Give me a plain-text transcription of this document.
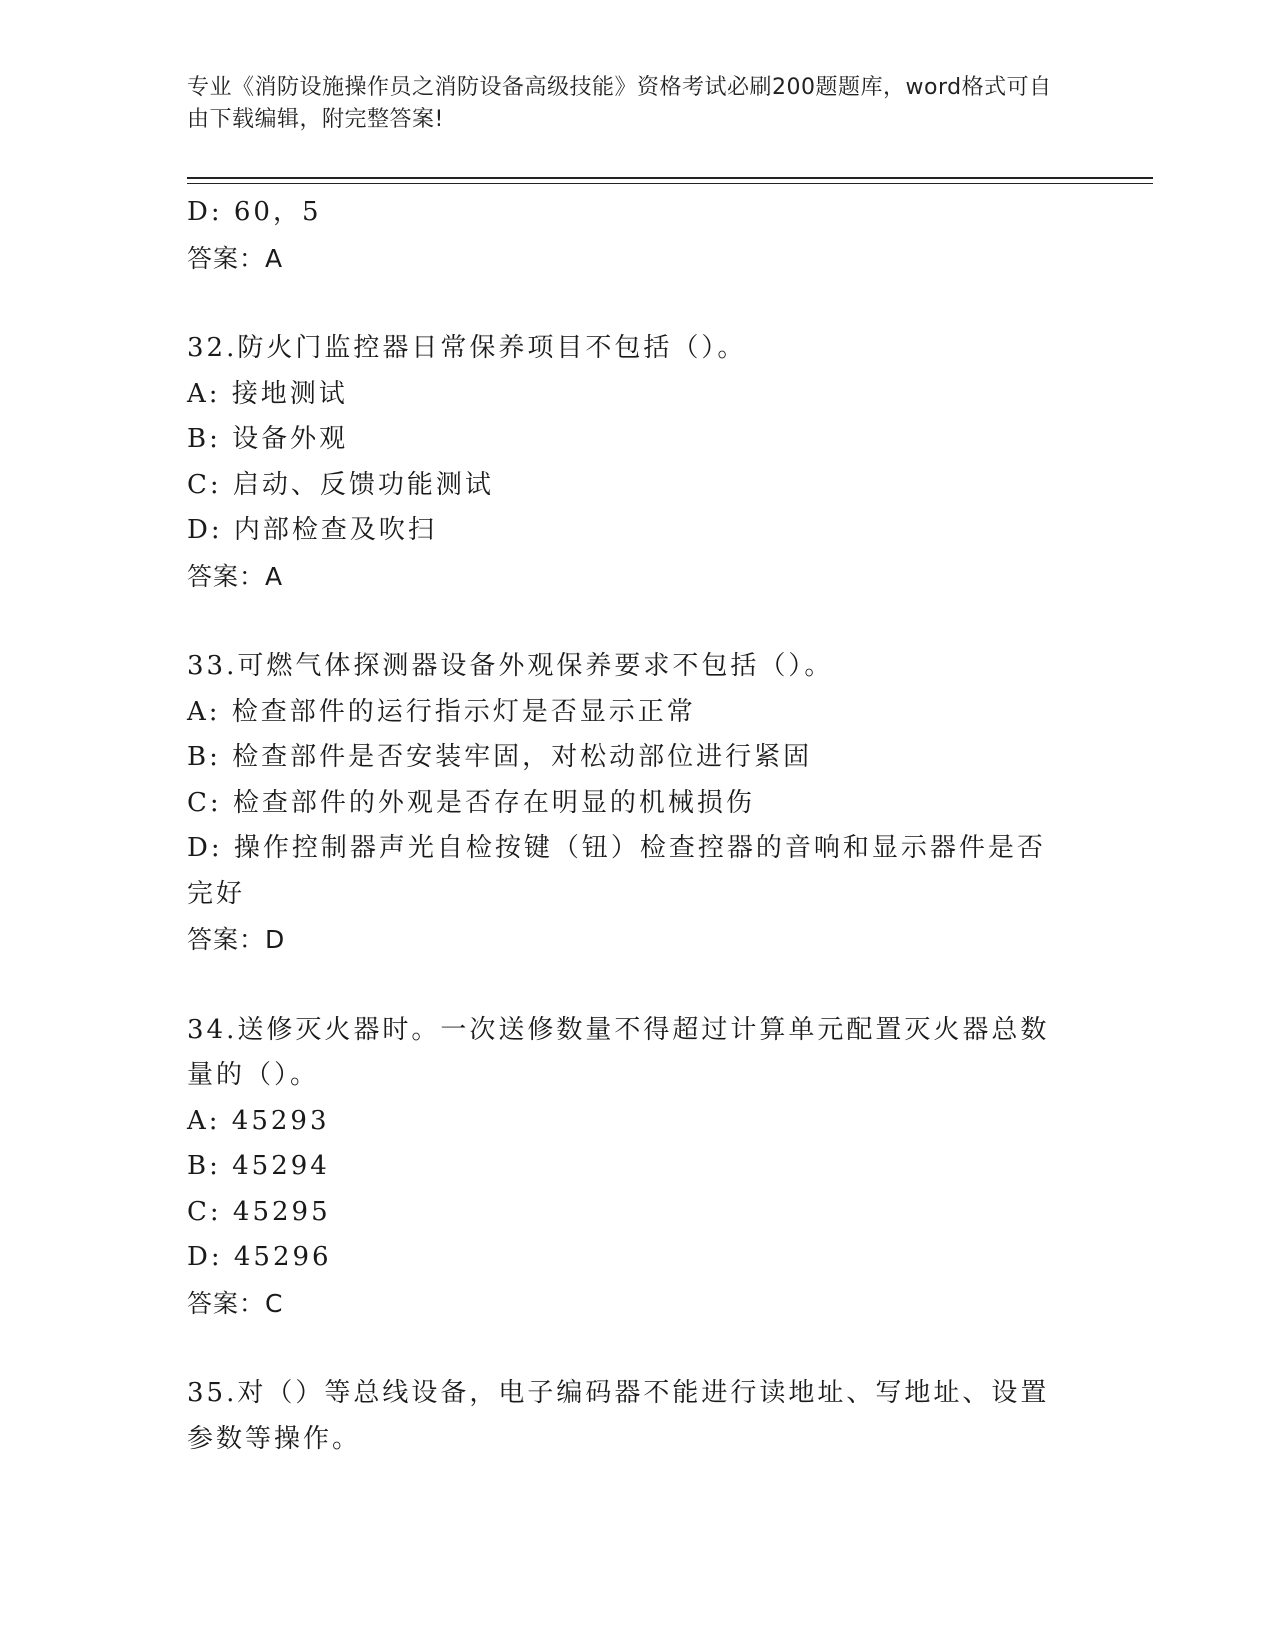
专业《消防设施操作员之消防设备高级技能》资格考试必刷200题题库，word格式可自由下载编辑，附完整答案!
D: 60，5
答案：A
32.防火门监控器日常保养项目不包括（）。
A: 接地测试
B: 设备外观
C: 启动、反馈功能测试
D: 内部检查及吹扫
答案：A
33.可燃气体探测器设备外观保养要求不包括（）。
A: 检查部件的运行指示灯是否显示正常
B: 检查部件是否安装牢固，对松动部位进行紧固
C: 检查部件的外观是否存在明显的机械损伤
D: 操作控制器声光自检按键（钮）检查控器的音响和显示器件是否完好
答案：D
34.送修灭火器时。一次送修数量不得超过计算单元配置灭火器总数量的（）。
A: 45293
B: 45294
C: 45295
D: 45296
答案：C
35.对（）等总线设备，电子编码器不能进行读地址、写地址、设置参数等操作。
